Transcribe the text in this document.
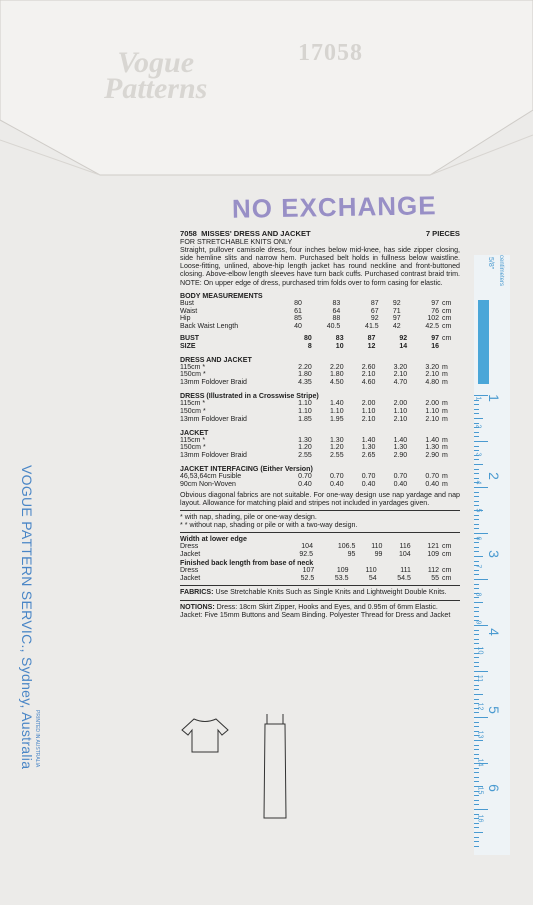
17058
Vogue
Patterns
NO EXCHANGE
VOGUE PATTERN SERVIC., Sydney, Australia PRINTED IN AUSTRALIA
7058 MISSES' DRESS AND JACKET	7 PIECES
FOR STRETCHABLE KNITS ONLY
Straight, pullover camisole dress, four inches below mid-knee, has side zipper closing, side hemline slits and narrow hem. Purchased belt holds in fullness below waistline. Loose-fitting, unlined, above-hip length jacket has round neckline and front-buttoned closing. Above-elbow length sleeves have turn back cuffs. Purchased contrast braid trim. NOTE: On upper edge of dress, purchased trim folds over to form casing for elastic.
BODY MEASUREMENTS
Bust	80	83	87	92	97	cm
Waist	61	64	67	71	76	cm
Hip	85	88	92	97	102	cm
Back Waist Length	40	40.5	41.5	42	42.5	cm
BUST	80	83	87	92	97	cm
SIZE	8	10	12	14	16	
DRESS AND JACKET
115cm *	2.20	2.20	2.60	3.20	3.20	m
150cm *	1.80	1.80	2.10	2.10	2.10	m
13mm Foldover Braid	4.35	4.50	4.60	4.70	4.80	m
DRESS (Illustrated in a Crosswise Stripe)
115cm *	1.10	1.40	2.00	2.00	2.00	m
150cm *	1.10	1.10	1.10	1.10	1.10	m
13mm Foldover Braid	1.85	1.95	2.10	2.10	2.10	m
JACKET
115cm *	1.30	1.30	1.40	1.40	1.40	m
150cm *	1.20	1.20	1.30	1.30	1.30	m
13mm Foldover Braid	2.55	2.55	2.65	2.90	2.90	m
JACKET INTERFACING (Either Version)
46,53,64cm Fusible	0.70	0.70	0.70	0.70	0.70	m
90cm Non-Woven	0.40	0.40	0.40	0.40	0.40	m
Obvious diagonal fabrics are not suitable. For one-way design use nap yardage and nap layout. Allowance for matching plaid and stripes not included in yardages given.
* with nap, shading, pile or one-way design.
* * without nap, shading or pile or with a two-way design.
Width at lower edge
Dress	104	106.5	110	116	121	cm
Jacket	92.5	95	99	104	109	cm
Finished back length from base of neck
Dress	107	109	110	111	112	cm
Jacket	52.5	53.5	54	54.5	55	cm
FABRICS: Use Stretchable Knits Such as Single Knits and Lightweight Double Knits.
NOTIONS: Dress: 18cm Skirt Zipper, Hooks and Eyes, and 0.95m of 6mm Elastic. Jacket: Five 15mm Buttons and Seam Binding. Polyester Thread for Dress and Jacket
5/8" centimeters
1
2
3
4
5
6
1
2
3
4
5
6
7
8
9
10
11
12
13
14
15
16
